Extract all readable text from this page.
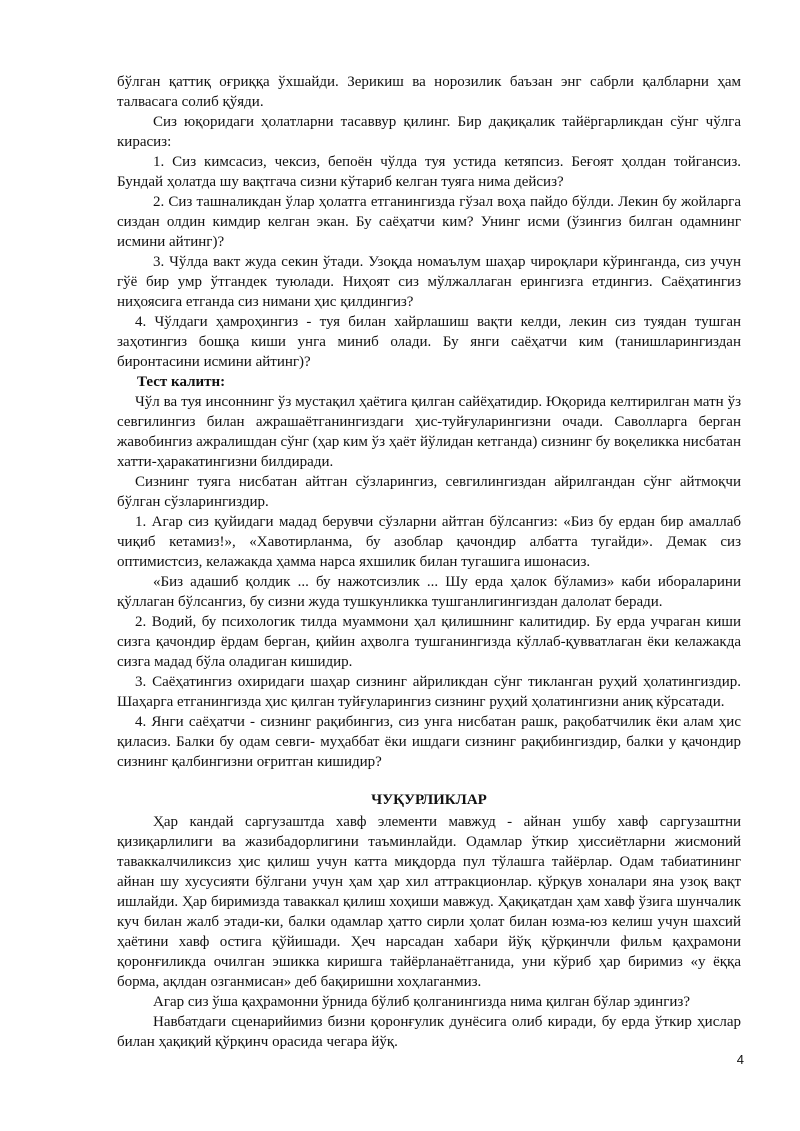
бўлган қаттиқ оғриққа ўхшайди. Зерикиш ва норозилик баъзан энг сабрли қалбларни ҳам талвасага солиб қўяди.

Сиз юқоридаги ҳолатларни тасаввур қилинг. Бир дақиқалик тайёргарликдан сўнг чўлга кирасиз:

1. Сиз кимсасиз, чексиз, бепоён чўлда туя устида кетяпсиз. Беғоят ҳолдан тойгансиз. Бундай ҳолатда шу вақтгача сизни кўтариб келган туяга нима дейсиз?

2. Сиз ташналикдан ўлар ҳолатга етганингизда гўзал воҳа пайдо бўлди. Лекин бу жойларга сиздан олдин кимдир келган экан. Бу саёҳатчи ким? Унинг исми (ўзингиз билган одамнинг исмини айтинг)?

3. Чўлда вакт жуда секин ўтади. Узоқда номаълум шаҳар чироқлари кўринганда, сиз учун гўё бир умр ўтгандек туюлади. Ниҳоят сиз мўлжаллаган ерингизга етдингиз. Саёҳатингиз ниҳоясига етганда сиз нимани ҳис қилдингиз?

4. Чўлдаги ҳамроҳингиз - туя билан хайрлашиш вақти келди, лекин сиз туядан тушган заҳотингиз бошқа киши унга миниб олади. Бу янги саёҳатчи ким (танишларингиздан биронтасини исмини айтинг)?

Тест калитн:

Чўл ва туя инсоннинг ўз мустақил ҳаётига қилган сайёҳатидир. Юқорида келтирилган матн ўз севгилингиз билан ажрашаётганингиздаги ҳис-туйғуларингизни очади. Саволларга берган жавобингиз ажралишдан сўнг (ҳар ким ўз ҳаёт йўлидан кетганда) сизнинг бу воқеликка нисбатан хатти-ҳаракатингизни билдиради.

Сизнинг туяга нисбатан айтган сўзларингиз, севгилингиздан айрилгандан сўнг айтмоқчи бўлган сўзларингиздир.

1. Агар сиз қуйидаги мадад берувчи сўзларни айтган бўлсангиз: «Биз бу ердан бир амаллаб чиқиб кетамиз!», «Хавотирланма, бу азоблар қачондир албатта тугайди». Демак сиз оптимистсиз, келажакда ҳамма нарса яхшилик билан тугашига ишонасиз.

«Биз адашиб қолдик ... бу нажотсизлик ... Шу ерда ҳалок бўламиз» каби ибораларини қўллаган бўлсангиз, бу сизни жуда тушкунликка тушганлигингиздан далолат беради.

2. Водий, бу психологик тилда муаммони ҳал қилишнинг калитидир. Бу ерда учраган киши сизга қачондир ёрдам берган, қийин аҳволга тушганингизда кўллаб-қувватлаган ёки келажакда сизга мадад бўла оладиган кишидир.

3. Саёҳатингиз охиридаги шаҳар сизнинг айриликдан сўнг тикланган руҳий ҳолатингиздир. Шаҳарга етганингизда ҳис қилган туйғуларингиз сизнинг руҳий ҳолатингизни аниқ кўрсатади.

4. Янги саёҳатчи - сизнинг рақибингиз, сиз унга нисбатан рашк, рақобатчилик ёки алам ҳис қиласиз. Балки бу одам севги- муҳаббат ёки ишдаги сизнинг рақибингиздир, балки у қачондир сизнинг қалбингизни оғритган кишидир?

ЧУҚУРЛИКЛАР

Ҳар кандай саргузаштда хавф элементи мавжуд - айнан ушбу хавф саргузаштни қизиқарлилиги ва жазибадорлигини таъминлайди. Одамлар ўткир ҳиссиётларни жисмоний таваккалчиликсиз ҳис қилиш учун катта миқдорда пул тўлашга тайёрлар. Одам табиатининг айнан шу хусусияти бўлгани учун ҳам ҳар хил аттракционлар. қўрқув хоналари яна узоқ вақт ишлайди. Ҳар биримизда таваккал қилиш хоҳиши мавжуд. Ҳақиқатдан ҳам хавф ўзига шунчалик куч билан жалб этади-ки, балки одамлар ҳатто сирли ҳолат билан юзма-юз келиш учун шахсий ҳаётини хавф остига қўйишади. Ҳеч нарсадан хабари йўқ қўрқинчли фильм қаҳрамони қоронғиликда очилган эшикка киришга тайёрланаётганида, уни кўриб ҳар биримиз «у ёққа борма, ақлдан озганмисан» деб бақиришни хоҳлаганмиз.

Агар сиз ўша қаҳрамонни ўрнида бўлиб қолганингизда нима қилган бўлар эдингиз?

Навбатдаги сценарийимиз бизни қоронғулик дунёсига олиб киради, бу ерда ўткир ҳислар билан ҳақиқий қўрқинч орасида чегара йўқ.

4
